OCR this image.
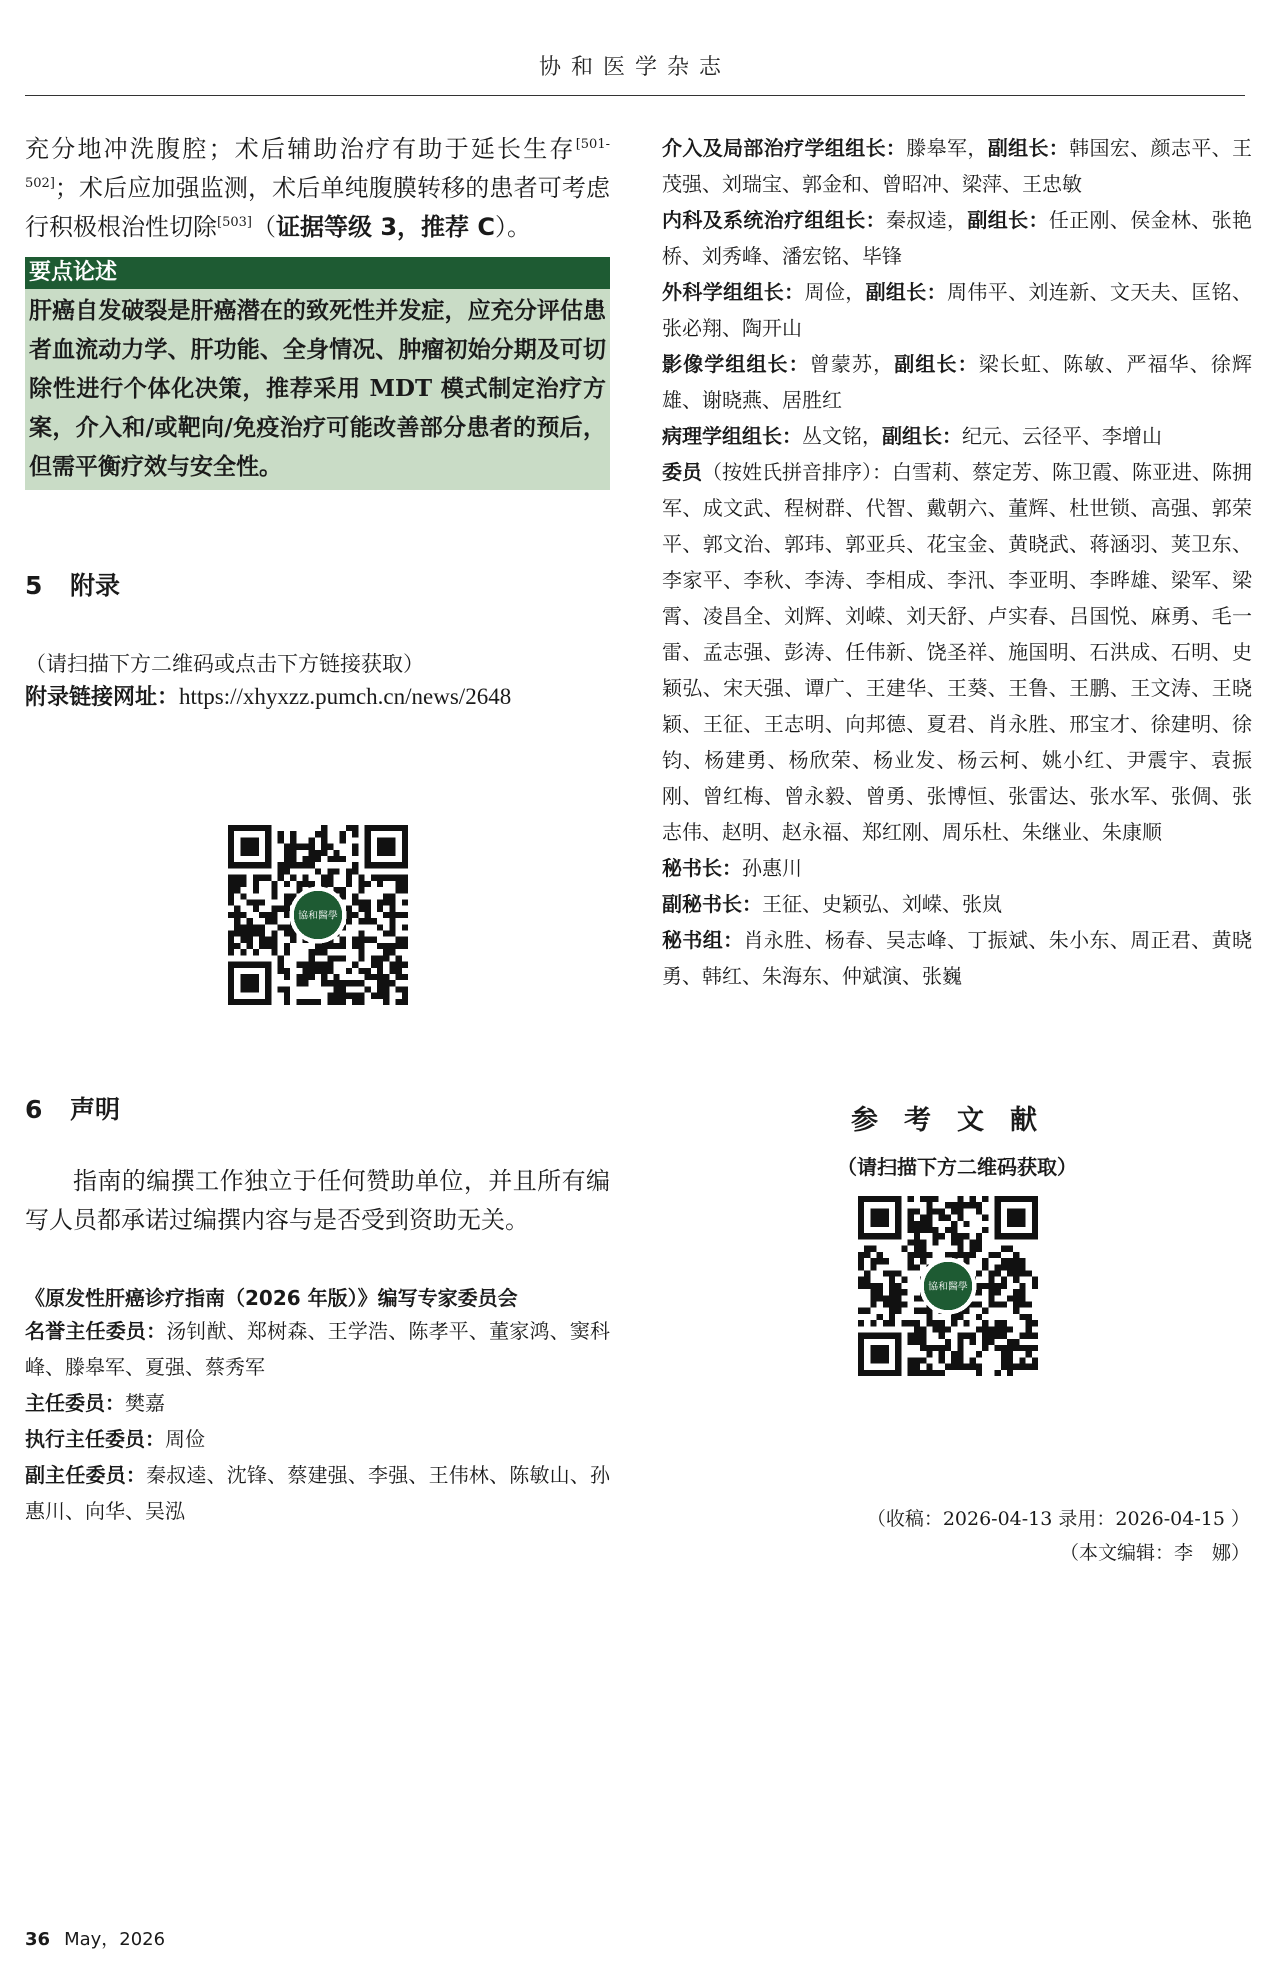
协和医学杂志

充分地冲洗腹腔；术后辅助治疗有助于延长生存[501-502]；术后应加强监测，术后单纯腹膜转移的患者可考虑行积极根治性切除[503]（证据等级 3，推荐 C）。

要点论述
肝癌自发破裂是肝癌潜在的致死性并发症，应充分评估患者血流动力学、肝功能、全身情况、肿瘤初始分期及可切除性进行个体化决策，推荐采用 MDT 模式制定治疗方案，介入和/或靶向/免疫治疗可能改善部分患者的预后，但需平衡疗效与安全性。
5 附录
（请扫描下方二维码或点击下方链接获取）
附录链接网址：https://xhyxzz.pumch.cn/news/2648
協和醫學
6 声明

指南的编撰工作独立于任何赞助单位，并且所有编写人员都承诺过编撰内容与是否受到资助无关。

《原发性肝癌诊疗指南（2026 年版）》编写专家委员会

名誉主任委员：汤钊猷、郑树森、王学浩、陈孝平、董家鸿、窦科峰、滕皋军、夏强、蔡秀军

主任委员：樊嘉

执行主任委员：周俭

副主任委员：秦叔逵、沈锋、蔡建强、李强、王伟林、陈敏山、孙惠川、向华、吴泓

介入及局部治疗学组组长：滕皋军，副组长：韩国宏、颜志平、王茂强、刘瑞宝、郭金和、曾昭冲、梁萍、王忠敏

内科及系统治疗组组长：秦叔逵，副组长：任正刚、侯金林、张艳桥、刘秀峰、潘宏铭、毕锋

外科学组组长：周俭，副组长：周伟平、刘连新、文天夫、匡铭、张必翔、陶开山

影像学组组长：曾蒙苏，副组长：梁长虹、陈敏、严福华、徐辉雄、谢晓燕、居胜红

病理学组组长：丛文铭，副组长：纪元、云径平、李增山

委员（按姓氏拼音排序）：白雪莉、蔡定芳、陈卫霞、陈亚进、陈拥军、成文武、程树群、代智、戴朝六、董辉、杜世锁、高强、郭荣平、郭文治、郭玮、郭亚兵、花宝金、黄晓武、蒋涵羽、荚卫东、李家平、李秋、李涛、李相成、李汛、李亚明、李晔雄、梁军、梁霄、凌昌全、刘辉、刘嵘、刘天舒、卢实春、吕国悦、麻勇、毛一雷、孟志强、彭涛、任伟新、饶圣祥、施国明、石洪成、石明、史颖弘、宋天强、谭广、王建华、王葵、王鲁、王鹏、王文涛、王晓颖、王征、王志明、向邦德、夏君、肖永胜、邢宝才、徐建明、徐钧、杨建勇、杨欣荣、杨业发、杨云柯、姚小红、尹震宇、袁振刚、曾红梅、曾永毅、曾勇、张博恒、张雷达、张水军、张倜、张志伟、赵明、赵永福、郑红刚、周乐杜、朱继业、朱康顺

秘书长：孙惠川

副秘书长：王征、史颖弘、刘嵘、张岚

秘书组：肖永胜、杨春、吴志峰、丁振斌、朱小东、周正君、黄晓勇、韩红、朱海东、仲斌演、张巍

参考文献
（请扫描下方二维码获取）
協和醫學
（收稿：2026-04-13 录用：2026-04-15 ）
（本文编辑：李　娜）
36 May，2026
